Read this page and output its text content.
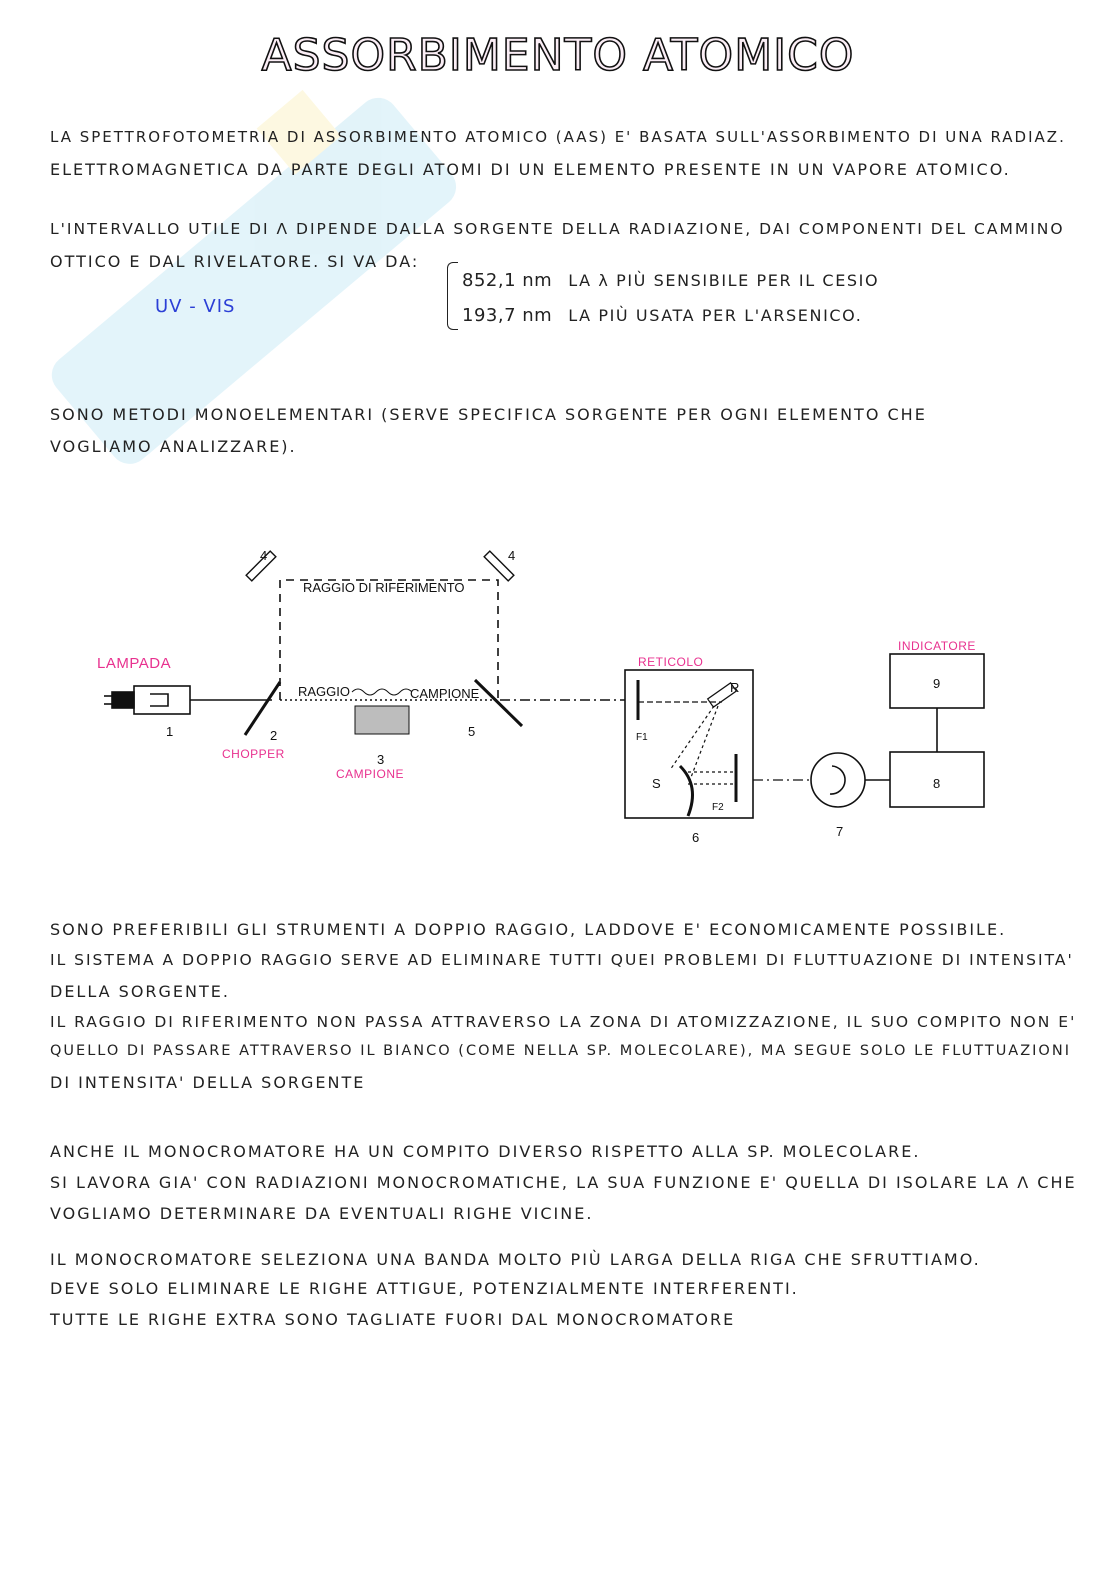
ASSORBIMENTO ATOMICO
LA SPETTROFOTOMETRIA DI ASSORBIMENTO ATOMICO (AAS) E' BASATA SULL'ASSORBIMENTO DI UNA RADIAZ.
ELETTROMAGNETICA DA PARTE DEGLI ATOMI DI UN ELEMENTO PRESENTE IN UN VAPORE ATOMICO.
L'INTERVALLO UTILE DI Λ DIPENDE DALLA SORGENTE DELLA RADIAZIONE, DAI COMPONENTI DEL CAMMINO
OTTICO E DAL RIVELATORE. SI VA DA:
UV - VIS
852,1 nm LA λ PIÙ SENSIBILE PER IL CESIO
193,7 nm LA PIÙ USATA PER L'ARSENICO.
SONO METODI MONOELEMENTARI (SERVE SPECIFICA SORGENTE PER OGNI ELEMENTO CHE
VOGLIAMO ANALIZZARE).
4	4
RAGGIO DI RIFERIMENTO
RAGGIO	CAMPIONE
1	2
3
5
6	7
8
9
R
F1
S
F2
LAMPADA
CHOPPER
CAMPIONE
RETICOLO
INDICATORE
SONO PREFERIBILI GLI STRUMENTI A DOPPIO RAGGIO, LADDOVE E' ECONOMICAMENTE POSSIBILE.
IL SISTEMA A DOPPIO RAGGIO SERVE AD ELIMINARE TUTTI QUEI PROBLEMI DI FLUTTUAZIONE DI INTENSITA'
DELLA SORGENTE.
IL RAGGIO DI RIFERIMENTO NON PASSA ATTRAVERSO LA ZONA DI ATOMIZZAZIONE, IL SUO COMPITO NON E'
QUELLO DI PASSARE ATTRAVERSO IL BIANCO (COME NELLA SP. MOLECOLARE), MA SEGUE SOLO LE FLUTTUAZIONI
DI INTENSITA' DELLA SORGENTE
ANCHE IL MONOCROMATORE HA UN COMPITO DIVERSO RISPETTO ALLA SP. MOLECOLARE.
SI LAVORA GIA' CON RADIAZIONI MONOCROMATICHE, LA SUA FUNZIONE E' QUELLA DI ISOLARE LA Λ CHE
VOGLIAMO DETERMINARE DA EVENTUALI RIGHE VICINE.
IL MONOCROMATORE SELEZIONA UNA BANDA MOLTO PIÙ LARGA DELLA RIGA CHE SFRUTTIAMO.
DEVE SOLO ELIMINARE LE RIGHE ATTIGUE, POTENZIALMENTE INTERFERENTI.
TUTTE LE RIGHE EXTRA SONO TAGLIATE FUORI DAL MONOCROMATORE
